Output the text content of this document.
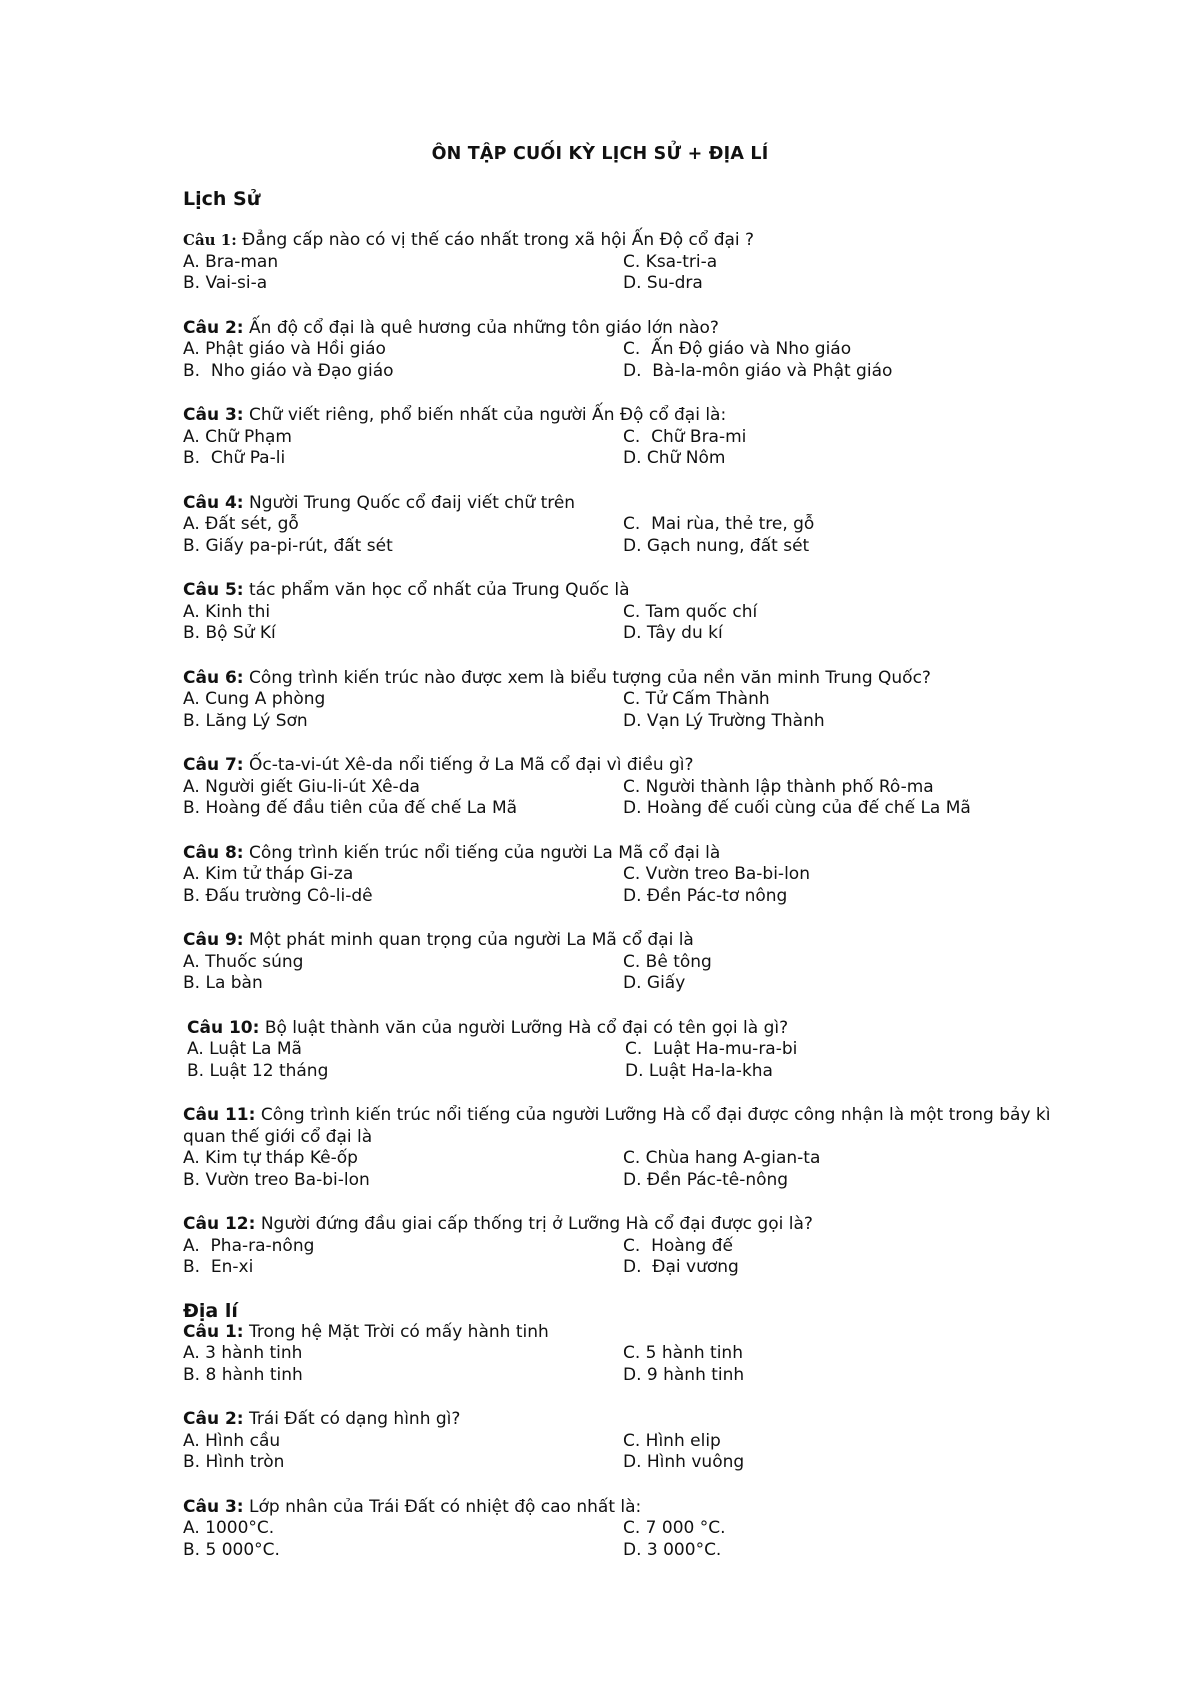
ÔN TẬP CUỐI KỲ LỊCH SỬ + ĐỊA LÍ
Lịch Sử
Câu 1: Đẳng cấp nào có vị thế cáo nhất trong xã hội Ấn Độ cổ đại ?
A. Bra-man	C. Ksa-tri-a
B. Vai-si-a	D. Su-dra
Câu 2: Ấn độ cổ đại là quê hương của những tôn giáo lớn nào?
A. Phật giáo và Hồi giáo	C.  Ấn Độ giáo và Nho giáo
B.  Nho giáo và Đạo giáo	D.  Bà-la-môn giáo và Phật giáo
Câu 3: Chữ viết riêng, phổ biến nhất của người Ấn Độ cổ đại là:
A. Chữ Phạm	C.  Chữ Bra-mi
B.  Chữ Pa-li	D. Chữ Nôm
Câu 4: Người Trung Quốc cổ đaij viết chữ trên
A. Đất sét, gỗ	C.  Mai rùa, thẻ tre, gỗ
B. Giấy pa-pi-rút, đất sét	D. Gạch nung, đất sét
Câu 5: tác phẩm văn học cổ nhất của Trung Quốc là
A. Kinh thi	C. Tam quốc chí
B. Bộ Sử Kí	D. Tây du kí
Câu 6: Công trình kiến trúc nào được xem là biểu tượng của nền văn minh Trung Quốc?
A. Cung A phòng	C. Tử Cấm Thành
B. Lăng Lý Sơn	D. Vạn Lý Trường Thành
Câu 7: Ốc-ta-vi-út Xê-da nổi tiếng ở La Mã cổ đại vì điều gì?
A. Người giết Giu-li-út Xê-da	C. Người thành lập thành phố Rô-ma
B. Hoàng đế đầu tiên của đế chế La Mã	D. Hoàng đế cuối cùng của đế chế La Mã
Câu 8: Công trình kiến trúc nổi tiếng của người La Mã cổ đại là
A. Kim tử tháp Gi-za	C. Vườn treo Ba-bi-lon
B. Đấu trường Cô-li-dê	D. Đền Pác-tơ nông
Câu 9: Một phát minh quan trọng của người La Mã cổ đại là
A. Thuốc súng	C. Bê tông
B. La bàn	D. Giấy
Câu 10: Bộ luật thành văn của người Lưỡng Hà cổ đại có tên gọi là gì?
A. Luật La Mã	C.  Luật Ha-mu-ra-bi
B. Luật 12 tháng	D. Luật Ha-la-kha
Câu 11: Công trình kiến trúc nổi tiếng của người Lưỡng Hà cổ đại được công nhận là một trong bảy kì quan thế giới cổ đại là
A. Kim tự tháp Kê-ốp	C. Chùa hang A-gian-ta
B. Vườn treo Ba-bi-lon	D. Đền Pác-tê-nông
Câu 12: Người đứng đầu giai cấp thống trị ở Lưỡng Hà cổ đại được gọi là?
A.  Pha-ra-nông	C.  Hoàng đế
B.  En-xi	D.  Đại vương
Địa lí
Câu 1: Trong hệ Mặt Trời có mấy hành tinh
A. 3 hành tinh	C. 5 hành tinh
B. 8 hành tinh	D. 9 hành tinh
Câu 2: Trái Đất có dạng hình gì?
A. Hình cầu	C. Hình elip
B. Hình tròn	D. Hình vuông
Câu 3: Lớp nhân của Trái Đất có nhiệt độ cao nhất là:
A. 1000°C.	C. 7 000 °C.
B. 5 000°C.	D. 3 000°C.
